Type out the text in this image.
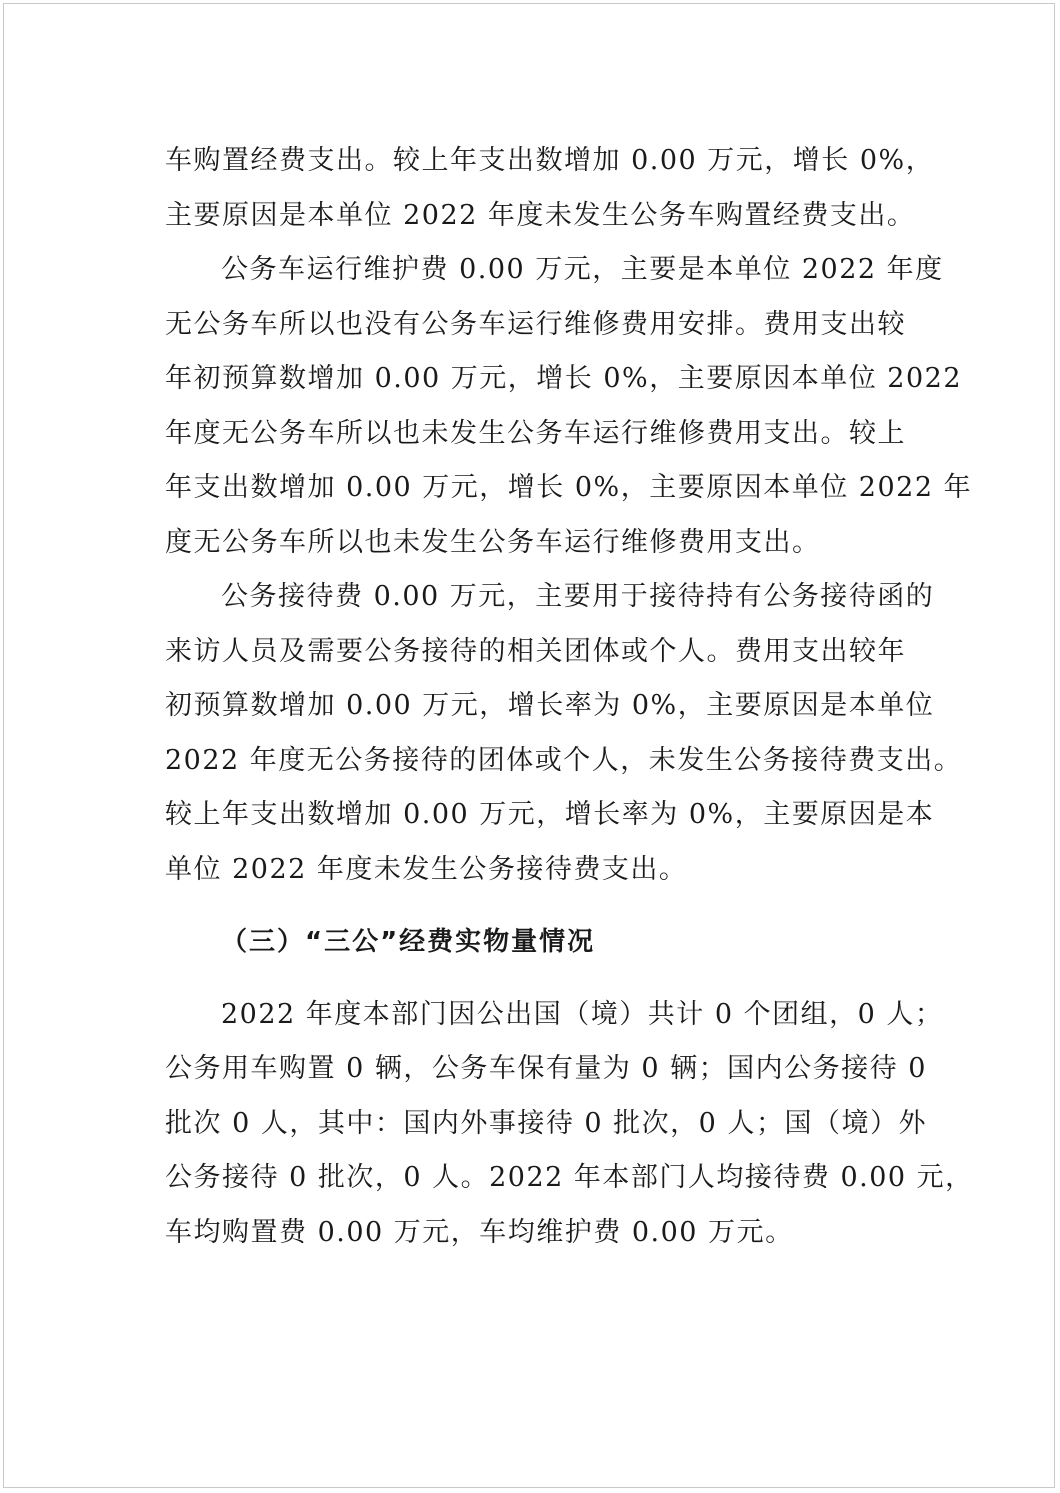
车购置经费支出。较上年支出数增加 0.00 万元，增长 0%，
主要原因是本单位 2022 年度未发生公务车购置经费支出。
公务车运行维护费 0.00 万元，主要是本单位 2022 年度
无公务车所以也没有公务车运行维修费用安排。费用支出较
年初预算数增加 0.00 万元，增长 0%，主要原因本单位 2022
年度无公务车所以也未发生公务车运行维修费用支出。较上
年支出数增加 0.00 万元，增长 0%，主要原因本单位 2022 年
度无公务车所以也未发生公务车运行维修费用支出。
公务接待费 0.00 万元，主要用于接待持有公务接待函的
来访人员及需要公务接待的相关团体或个人。费用支出较年
初预算数增加 0.00 万元，增长率为 0%，主要原因是本单位
2022 年度无公务接待的团体或个人，未发生公务接待费支出。
较上年支出数增加 0.00 万元，增长率为 0%，主要原因是本
单位 2022 年度未发生公务接待费支出。
（三）“三公”经费实物量情况
2022 年度本部门因公出国（境）共计 0 个团组，0 人；
公务用车购置 0 辆，公务车保有量为 0 辆；国内公务接待 0
批次 0 人，其中：国内外事接待 0 批次，0 人；国（境）外
公务接待 0 批次，0 人。2022 年本部门人均接待费 0.00 元，
车均购置费 0.00 万元，车均维护费 0.00 万元。
